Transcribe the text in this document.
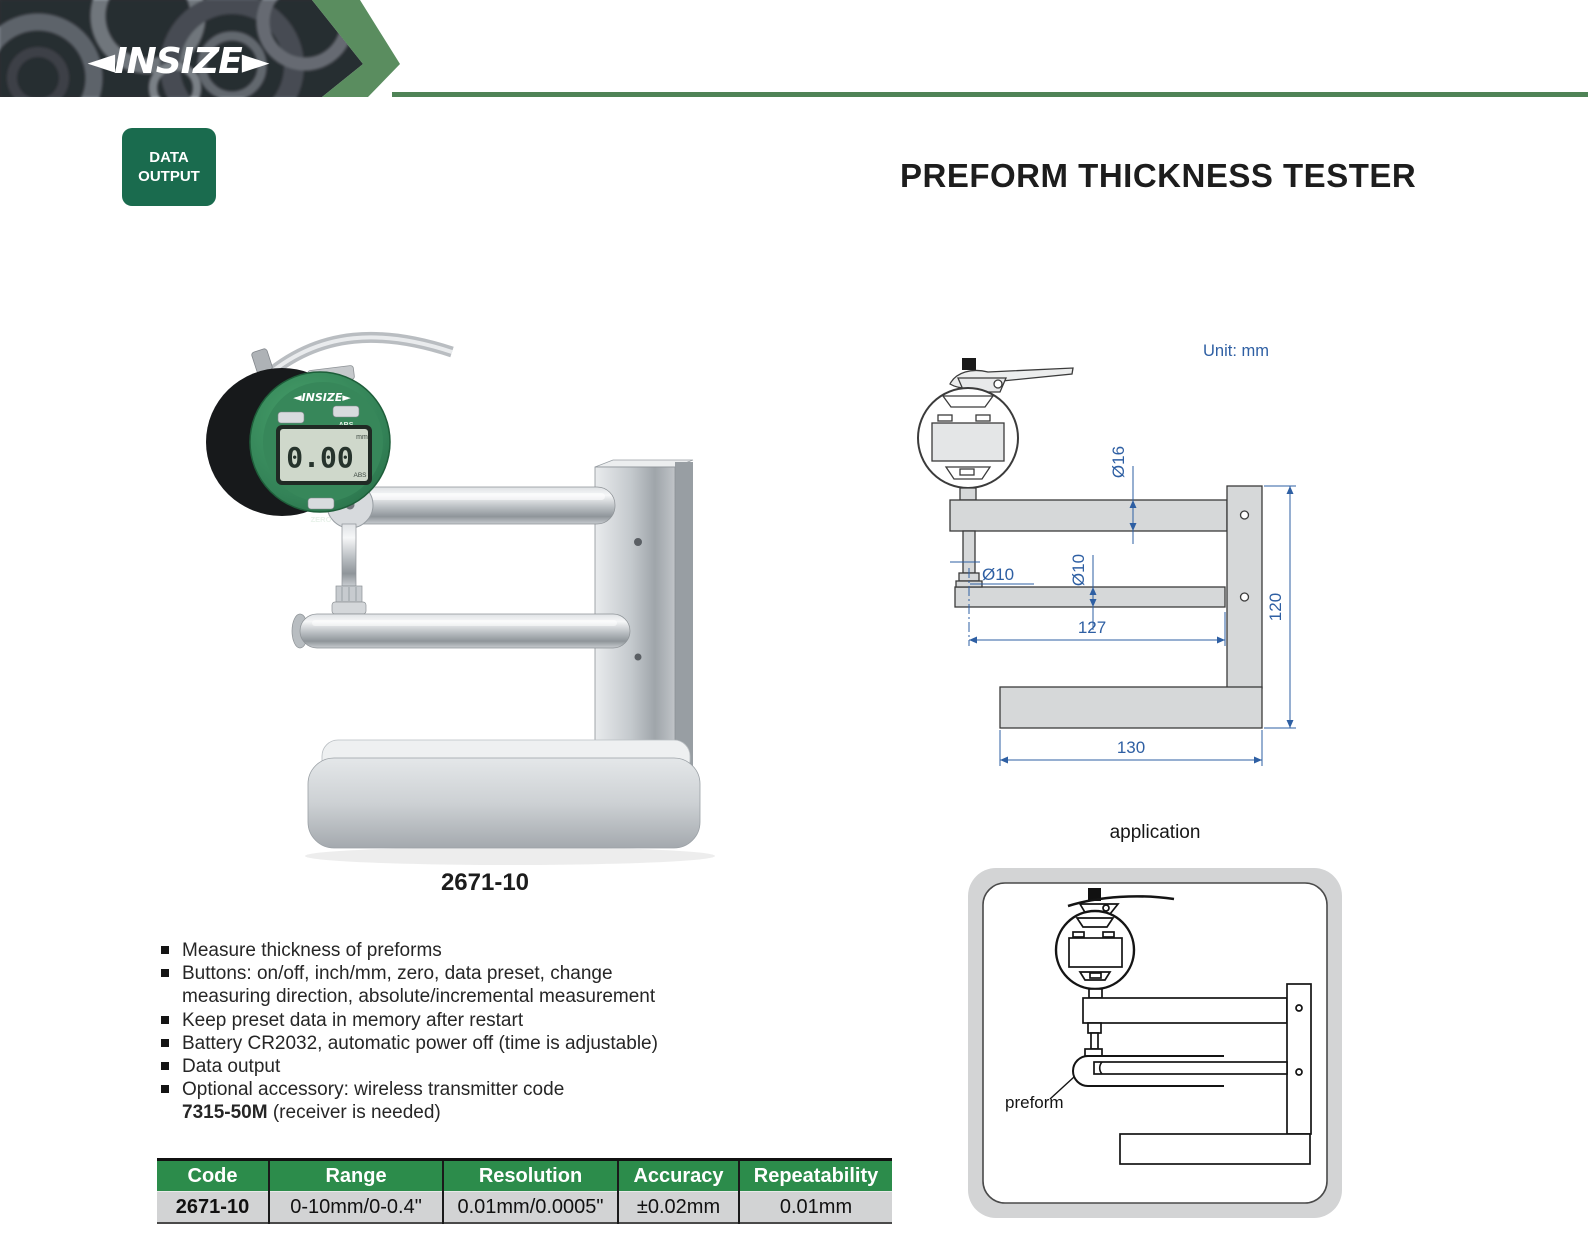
◄INSIZE►
DATA
OUTPUT	PREFORM THICKNESS TESTER
◄INSIZE►
0.00
mm
ABS
ZERO
2671-10
Unit: mm
Ø16
Ø10	Ø10
127
120
130
application
preform
Measure thickness of preforms
Buttons: on/off, inch/mm, zero, data preset, change
measuring direction, absolute/incremental measurement
Keep preset data in memory after restart
Battery CR2032, automatic power off (time is adjustable)
Data output
Optional accessory: wireless transmitter code
7315-50M (receiver is needed)
Code	Range	Resolution	Accuracy	Repeatability
2671-10	0-10mm/0-0.4"	0.01mm/0.0005"	±0.02mm	0.01mm
